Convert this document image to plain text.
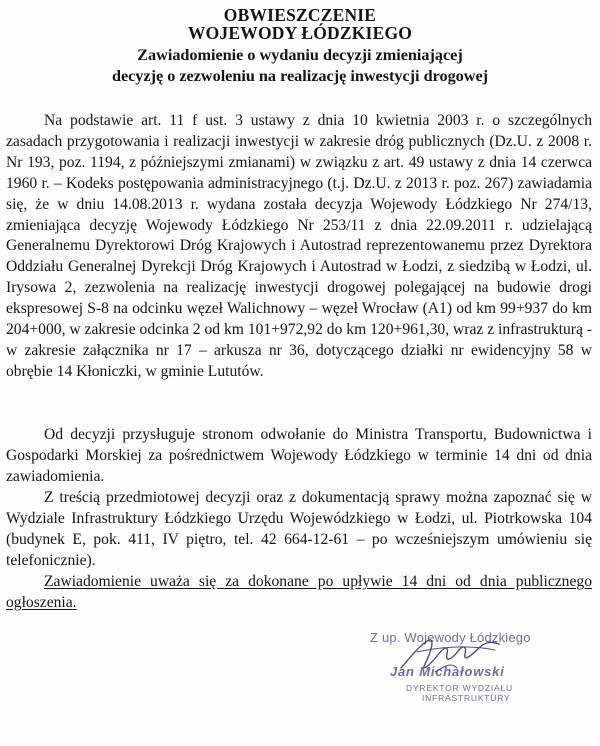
OBWIESZCZENIE
WOJEWODY ŁÓDZKIEGO
Zawiadomienie o wydaniu decyzji zmieniającej
decyzję o zezwoleniu na realizację inwestycji drogowej

Na podstawie art. 11 f ust. 3 ustawy z dnia 10 kwietnia 2003 r. o szczególnych zasadach przygotowania i realizacji inwestycji w zakresie dróg publicznych (Dz.U. z 2008 r. Nr 193, poz. 1194, z późniejszymi zmianami) w związku z art. 49 ustawy z dnia 14 czerwca 1960 r. – Kodeks postępowania administracyjnego (t.j. Dz.U. z 2013 r. poz. 267) zawiadamia się, że w dniu 14.08.2013 r. wydana została decyzja Wojewody Łódzkiego Nr 274/13, zmieniająca decyzję Wojewody Łódzkiego Nr 253/11 z dnia 22.09.2011 r. udzielającą Generalnemu Dyrektorowi Dróg Krajowych i Autostrad reprezentowanemu przez Dyrektora Oddziału Generalnej Dyrekcji Dróg Krajowych i Autostrad w Łodzi, z siedzibą w Łodzi, ul. Irysowa 2, zezwolenia na realizację inwestycji drogowej polegającej na budowie drogi ekspresowej S-8 na odcinku węzeł Walichnowy – węzeł Wrocław (A1) od km 99+937 do km 204+000, w zakresie odcinka 2 od km 101+972,92 do km 120+961,30, wraz z infrastrukturą - w zakresie załącznika nr 17 – arkusza nr 36, dotyczącego działki nr ewidencyjny 58 w obrębie 14 Kłoniczki, w gminie Lututów.

Od decyzji przysługuje stronom odwołanie do Ministra Transportu, Budownictwa i Gospodarki Morskiej za pośrednictwem Wojewody Łódzkiego w terminie 14 dni od dnia zawiadomienia.

Z treścią przedmiotowej decyzji oraz z dokumentacją sprawy można zapoznać się w Wydziale Infrastruktury Łódzkiego Urzędu Wojewódzkiego w Łodzi, ul. Piotrkowska 104 (budynek E, pok. 411, IV piętro, tel. 42 664-12-61 – po wcześniejszym umówieniu się telefonicznie).

Zawiadomienie uważa się za dokonane po upływie 14 dni od dnia publicznego ogłoszenia.

Z up. Wojewody Łódzkiego
Jan Michałowski
DYREKTOR WYDZIAŁU
INFRASTRUKTURY
